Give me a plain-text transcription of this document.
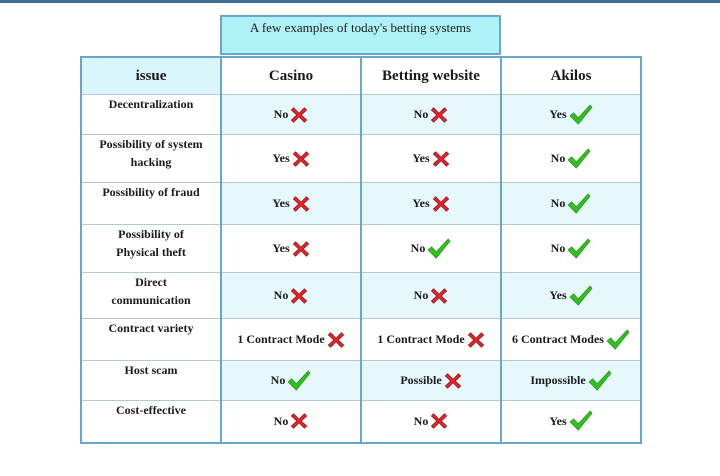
A few examples of today's betting systems
issue	Casino	Betting website	Akilos

Decentralization	No	No	Yes

Possibility of system
hacking	Yes	Yes	No

Possibility of fraud	Yes	Yes	No

Possibility of
Physical theft	Yes	No	No

Direct
communication	No	No	Yes

Contract variety	1 Contract Mode	1 Contract Mode	6 Contract Modes

Host scam	No	Possible	Impossible

Cost-effective	No	No	Yes
